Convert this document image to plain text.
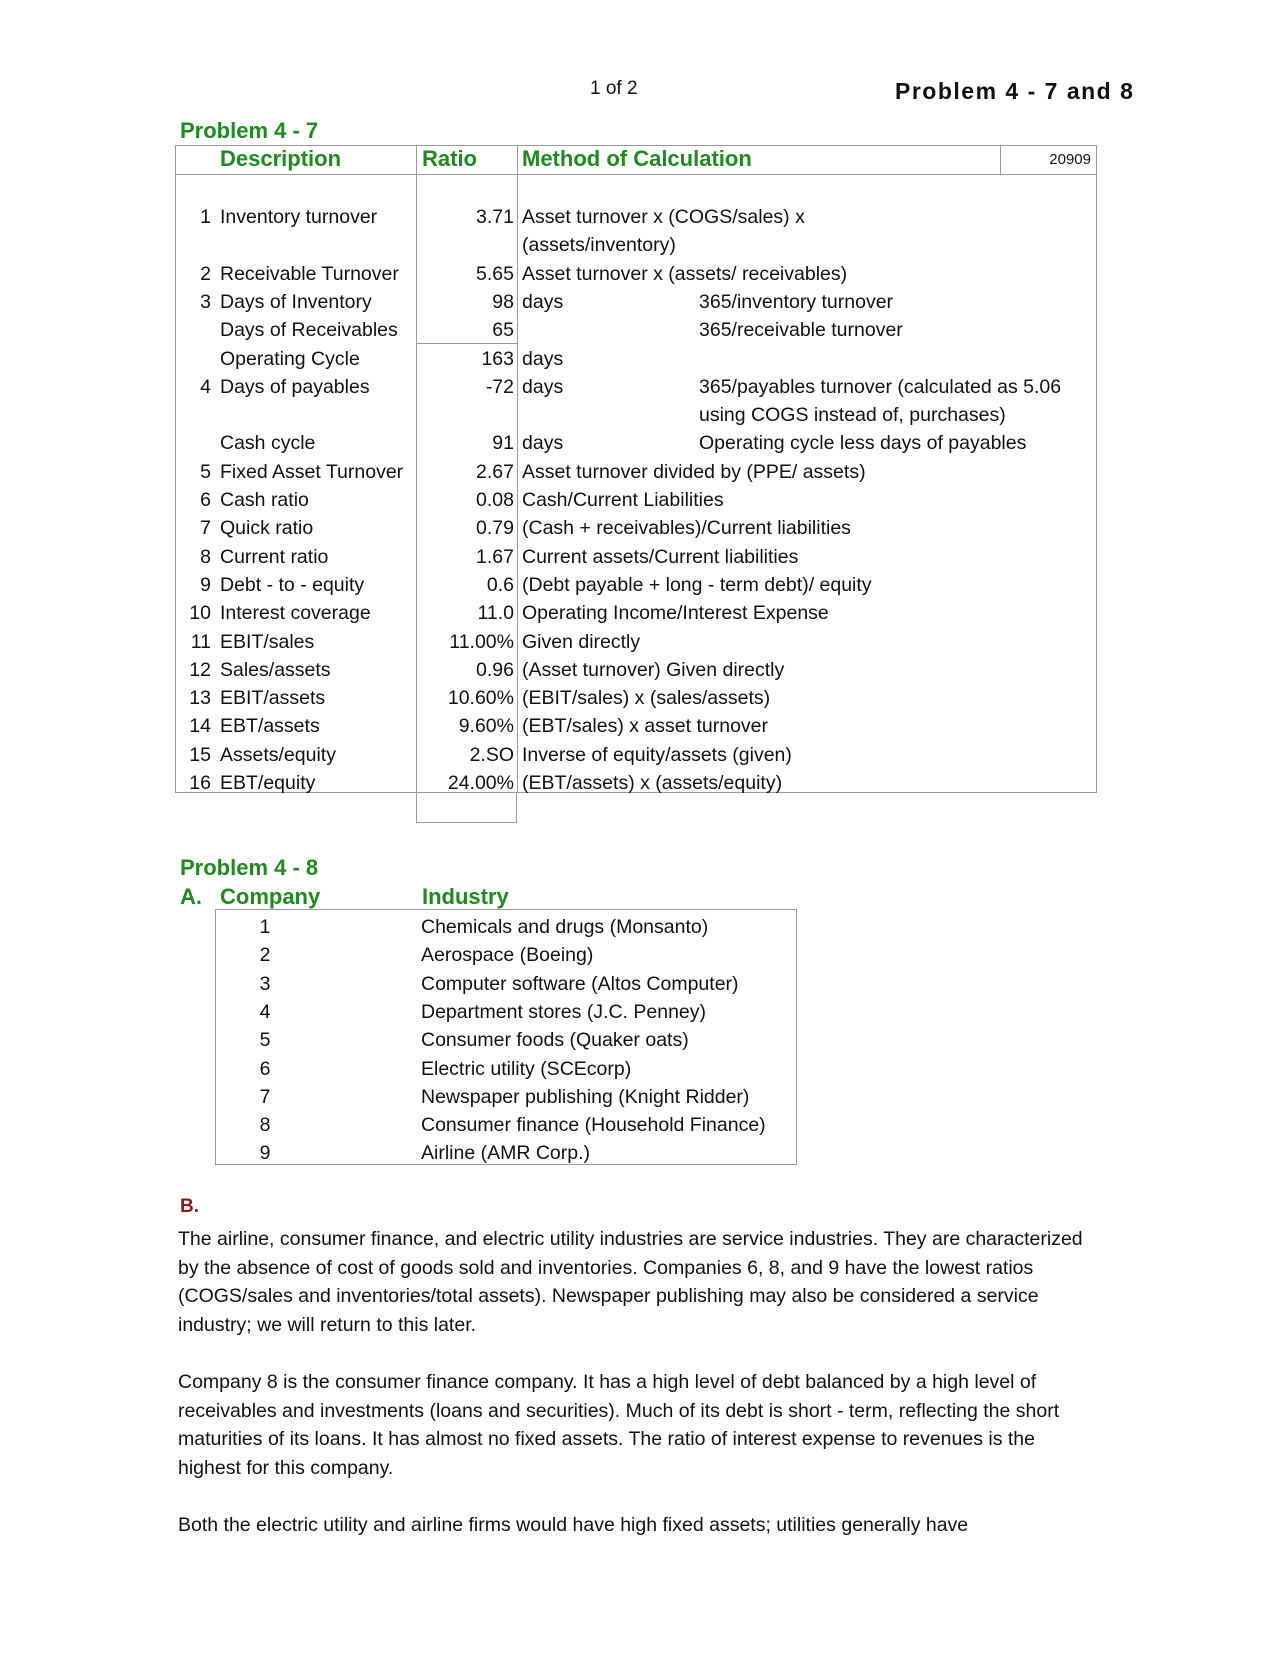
1 of 2	Problem 4 - 7 and 8
Problem 4 - 7
Description	Ratio Method of Calculation	20909
1 Inventory turnover	3.71 Asset turnover x (COGS/sales) x
(assets/inventory)
2 Receivable Turnover	5.65 Asset turnover x (assets/ receivables)
3 Days of Inventory	98 days	365/inventory turnover
Days of Receivables	65	365/receivable turnover
Operating Cycle	163 days
4 Days of payables	-72 days	365/payables turnover (calculated as 5.06
using COGS instead of, purchases)
Cash cycle	91 days	Operating cycle less days of payables
5 Fixed Asset Turnover	2.67 Asset turnover divided by (PPE/ assets)
6 Cash ratio	0.08 Cash/Current Liabilities
7 Quick ratio	0.79 (Cash + receivables)/Current liabilities
8 Current ratio	1.67 Current assets/Current liabilities
9 Debt - to - equity	0.6 (Debt payable + long - term debt)/ equity
10 Interest coverage	11.0 Operating Income/Interest Expense
11 EBIT/sales	11.00% Given directly
12 Sales/assets	0.96 (Asset turnover) Given directly
13 EBIT/assets	10.60% (EBIT/sales) x (sales/assets)
14 EBT/assets	9.60% (EBT/sales) x asset turnover
15 Assets/equity	2.SO Inverse of equity/assets (given)
16 EBT/equity	24.00% (EBT/assets) x (assets/equity)
Problem 4 - 8
A. Company	Industry
1	Chemicals and drugs (Monsanto)
2	Aerospace (Boeing)
3	Computer software (Altos Computer)
4	Department stores (J.C. Penney)
5	Consumer foods (Quaker oats)
6	Electric utility (SCEcorp)
7	Newspaper publishing (Knight Ridder)
8	Consumer finance (Household Finance)
9	Airline (AMR Corp.)
B.
The airline, consumer finance, and electric utility industries are service industries. They are characterized by the absence of cost of goods sold and inventories. Companies 6, 8, and 9 have the lowest ratios (COGS/sales and inventories/total assets). Newspaper publishing may also be considered a service industry; we will return to this later.
Company 8 is the consumer finance company. It has a high level of debt balanced by a high level of receivables and investments (loans and securities). Much of its debt is short - term, reflecting the short maturities of its loans. It has almost no fixed assets. The ratio of interest expense to revenues is the highest for this company.
Both the electric utility and airline firms would have high fixed assets; utilities generally have
